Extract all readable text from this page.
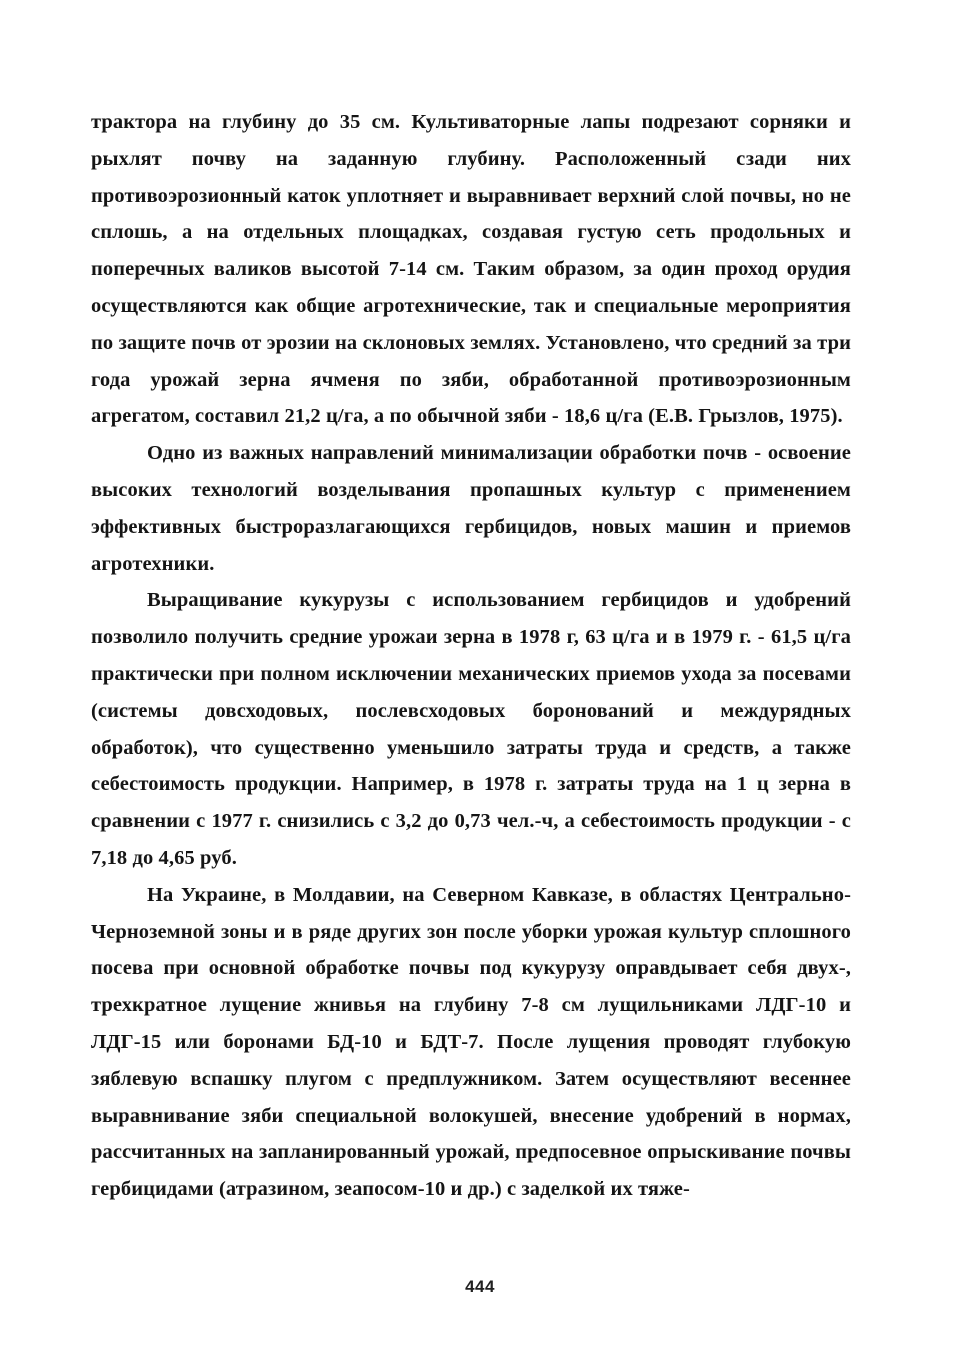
трактора на глубину до 35 см. Культиваторные лапы подрезают сорняки и рыхлят почву на заданную глубину. Расположенный сзади них противоэрозионный каток уплотняет и выравнивает верхний слой почвы, но не сплошь, а на отдельных площадках, создавая густую сеть продольных и поперечных валиков высотой 7-14 см. Таким образом, за один проход орудия осуществляются как общие агротехнические, так и специальные мероприятия по защите почв от эрозии на склоновых землях. Установлено, что средний за три года урожай зерна ячменя по зяби, обработанной противоэрозионным агрегатом, составил 21,2 ц/га, а по обычной зяби - 18,6 ц/га (Е.В. Грызлов, 1975).

Одно из важных направлений минимализации обработки почв - освоение высоких технологий возделывания пропашных культур с применением эффективных быстроразлагающихся гербицидов, новых машин и приемов агротехники.

Выращивание кукурузы с использованием гербицидов и удобрений позволило получить средние урожаи зерна в 1978 г, 63 ц/га и в 1979 г. - 61,5 ц/га практически при полном исключении механических приемов ухода за посевами (системы довсходовых, послевсходовых боронований и междурядных обработок), что существенно уменьшило затраты труда и средств, а также себестоимость продукции. Например, в 1978 г. затраты труда на 1 ц зерна в сравнении с 1977 г. снизились с 3,2 до 0,73 чел.-ч, а себестоимость продукции - с 7,18 до 4,65 руб.

На Украине, в Молдавии, на Северном Кавказе, в областях Центрально-Черноземной зоны и в ряде других зон после уборки урожая культур сплошного посева при основной обработке почвы под кукурузу оправдывает себя двух-, трехкратное лущение жнивья на глубину 7-8 см лущильниками ЛДГ-10 и ЛДГ-15 или боронами БД-10 и БДТ-7. После лущения проводят глубокую зяблевую вспашку плугом с предплужником. Затем осуществляют весеннее выравнивание зяби специальной волокушей, внесение удобрений в нормах, рассчитанных на запланированный урожай, предпосевное опрыскивание почвы гербицидами (атразином, зеапосом-10 и др.) с заделкой их тяже-

444
